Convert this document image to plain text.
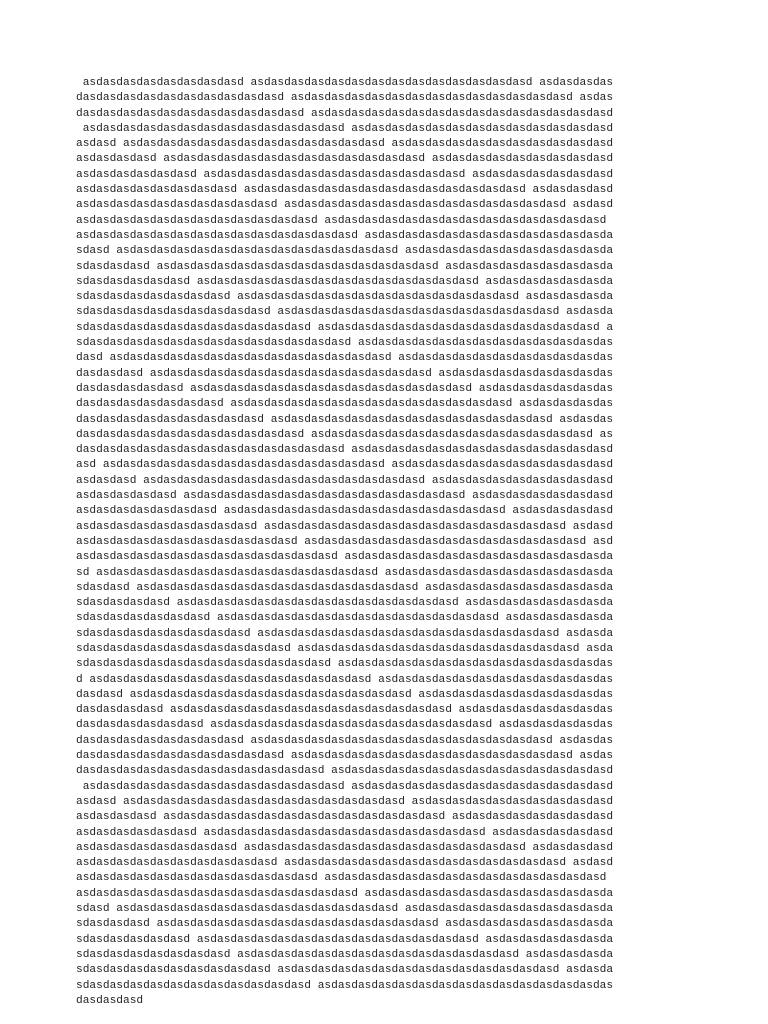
asdasdasdasdasdasdasdasd asdasdasdasdasdasdasdasdasdasdasdasdasdasd asdasdasdas
dasdasdasdasdasdasdasdasdasdasd asdasdasdasdasdasdasdasdasdasdasdasdasdasd asdas
dasdasdasdasdasdasdasdasdasdasdasd asdasdasdasdasdasdasdasdasdasdasdasdasdasdasd
asdasdasdasdasdasdasdasdasdasdasdasdasd asdasdasdasdasdasdasdasdasdasdasdasdasd
asdasd asdasdasdasdasdasdasdasdasdasdasdasdasd asdasdasdasdasdasdasdasdasdasdasd
asdasdasdasd asdasdasdasdasdasdasdasdasdasdasdasdasd asdasdasdasdasdasdasdasdasd
asdasdasdasdasdasd asdasdasdasdasdasdasdasdasdasdasdasdasd asdasdasdasdasdasdasd
asdasdasdasdasdasdasdasd asdasdasdasdasdasdasdasdasdasdasdasdasdasd asdasdasdasd
asdasdasdasdasdasdasdasdasdasd asdasdasdasdasdasdasdasdasdasdasdasdasdasd asdasd
asdasdasdasdasdasdasdasdasdasdasdasd asdasdasdasdasdasdasdasdasdasdasdasdasdasd
asdasdasdasdasdasdasdasdasdasdasdasdasdasd asdasdasdasdasdasdasdasdasdasdasdasda
sdasd asdasdasdasdasdasdasdasdasdasdasdasdasdasd asdasdasdasdasdasdasdasdasdasda
sdasdasdasd asdasdasdasdasdasdasdasdasdasdasdasdasdasd asdasdasdasdasdasdasdasda
sdasdasdasdasdasd asdasdasdasdasdasdasdasdasdasdasdasdasdasd asdasdasdasdasdasda
sdasdasdasdasdasdasdasd asdasdasdasdasdasdasdasdasdasdasdasdasdasd asdasdasdasda
sdasdasdasdasdasdasdasdasdasd asdasdasdasdasdasdasdasdasdasdasdasdasdasd asdasda
sdasdasdasdasdasdasdasdasdasdasdasd asdasdasdasdasdasdasdasdasdasdasdasdasdasd a
sdasdasdasdasdasdasdasdasdasdasdasdasdasd asdasdasdasdasdasdasdasdasdasdasdasdas
dasd asdasdasdasdasdasdasdasdasdasdasdasdasdasd asdasdasdasdasdasdasdasdasdasdas
dasdasdasd asdasdasdasdasdasdasdasdasdasdasdasdasdasd asdasdasdasdasdasdasdasdas
dasdasdasdasdasd asdasdasdasdasdasdasdasdasdasdasdasdasdasd asdasdasdasdasdasdas
dasdasdasdasdasdasdasd asdasdasdasdasdasdasdasdasdasdasdasdasdasd asdasdasdasdas
dasdasdasdasdasdasdasdasdasd asdasdasdasdasdasdasdasdasdasdasdasdasdasd asdasdas
dasdasdasdasdasdasdasdasdasdasdasd asdasdasdasdasdasdasdasdasdasdasdasdasdasd as
dasdasdasdasdasdasdasdasdasdasdasdasdasd asdasdasdasdasdasdasdasdasdasdasdasdasd
asd asdasdasdasdasdasdasdasdasdasdasdasdasdasd asdasdasdasdasdasdasdasdasdasdasd
asdasdasd asdasdasdasdasdasdasdasdasdasdasdasdasdasd asdasdasdasdasdasdasdasdasd
asdasdasdasdasd asdasdasdasdasdasdasdasdasdasdasdasdasdasd asdasdasdasdasdasdasd
asdasdasdasdasdasdasd asdasdasdasdasdasdasdasdasdasdasdasdasdasd asdasdasdasdasd
asdasdasdasdasdasdasdasdasd asdasdasdasdasdasdasdasdasdasdasdasdasdasdasd asdasd
asdasdasdasdasdasdasdasdasdasdasd asdasdasdasdasdasdasdasdasdasdasdasdasdasd asd
asdasdasdasdasdasdasdasdasdasdasdasdasd asdasdasdasdasdasdasdasdasdasdasdasdasda
sd asdasdasdasdasdasdasdasdasdasdasdasdasdasd asdasdasdasdasdasdasdasdasdasdasda
sdasdasd asdasdasdasdasdasdasdasdasdasdasdasdasdasd asdasdasdasdasdasdasdasdasda
sdasdasdasdasd asdasdasdasdasdasdasdasdasdasdasdasdasdasd asdasdasdasdasdasdasda
sdasdasdasdasdasdasd asdasdasdasdasdasdasdasdasdasdasdasdasdasd asdasdasdasdasda
sdasdasdasdasdasdasdasdasd asdasdasdasdasdasdasdasdasdasdasdasdasdasdasd asdasda
sdasdasdasdasdasdasdasdasdasdasd asdasdasdasdasdasdasdasdasdasdasdasdasdasd asda
sdasdasdasdasdasdasdasdasdasdasdasdasd asdasdasdasdasdasdasdasdasdasdasdasdasdas
d asdasdasdasdasdasdasdasdasdasdasdasdasdasd asdasdasdasdasdasdasdasdasdasdasdas
dasdasd asdasdasdasdasdasdasdasdasdasdasdasdasdasd asdasdasdasdasdasdasdasdasdas
dasdasdasdasd asdasdasdasdasdasdasdasdasdasdasdasdasdasd asdasdasdasdasdasdasdas
dasdasdasdasdasdasd asdasdasdasdasdasdasdasdasdasdasdasdasdasd asdasdasdasdasdas
dasdasdasdasdasdasdasdasd asdasdasdasdasdasdasdasdasdasdasdasdasdasdasd asdasdas
dasdasdasdasdasdasdasdasdasdasd asdasdasdasdasdasdasdasdasdasdasdasdasdasd asdas
dasdasdasdasdasdasdasdasdasdasdasdasd asdasdasdasdasdasdasdasdasdasdasdasdasdasd
asdasdasdasdasdasdasdasdasdasdasdasdasd asdasdasdasdasdasdasdasdasdasdasdasdasd
asdasd asdasdasdasdasdasdasdasdasdasdasdasdasdasd asdasdasdasdasdasdasdasdasdasd
asdasdasdasd asdasdasdasdasdasdasdasdasdasdasdasdasdasd asdasdasdasdasdasdasdasd
asdasdasdasdasdasd asdasdasdasdasdasdasdasdasdasdasdasdasdasd asdasdasdasdasdasd
asdasdasdasdasdasdasdasd asdasdasdasdasdasdasdasdasdasdasdasdasdasd asdasdasdasd
asdasdasdasdasdasdasdasdasdasd asdasdasdasdasdasdasdasdasdasdasdasdasdasd asdasd
asdasdasdasdasdasdasdasdasdasdasdasd asdasdasdasdasdasdasdasdasdasdasdasdasdasd
asdasdasdasdasdasdasdasdasdasdasdasdasdasd asdasdasdasdasdasdasdasdasdasdasdasda
sdasd asdasdasdasdasdasdasdasdasdasdasdasdasdasd asdasdasdasdasdasdasdasdasdasda
sdasdasdasd asdasdasdasdasdasdasdasdasdasdasdasdasdasd asdasdasdasdasdasdasdasda
sdasdasdasdasdasd asdasdasdasdasdasdasdasdasdasdasdasdasdasd asdasdasdasdasdasda
sdasdasdasdasdasdasdasd asdasdasdasdasdasdasdasdasdasdasdasdasdasd asdasdasdasda
sdasdasdasdasdasdasdasdasdasd asdasdasdasdasdasdasdasdasdasdasdasdasdasd asdasda
sdasdasdasdasdasdasdasdasdasdasdasd asdasdasdasdasdasdasdasdasdasdasdasdasdasdas
dasdasdasd
